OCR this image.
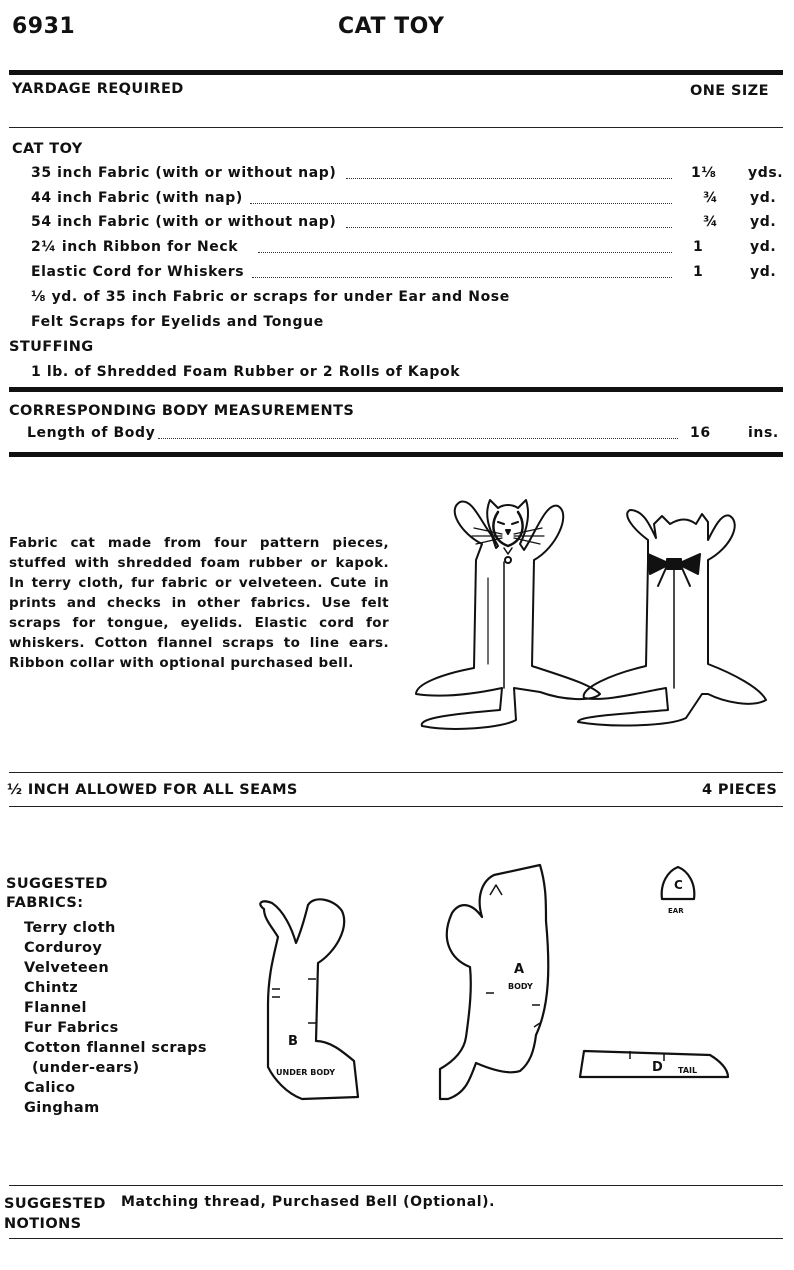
6931	CAT TOY
YARDAGE REQUIRED	ONE SIZE
CAT TOY
35 inch Fabric (with or without nap)	1⅛ yds.
44 inch Fabric (with nap)	¾ yd.
54 inch Fabric (with or without nap)	¾ yd.
2¼ inch Ribbon for Neck	1	yd.
Elastic Cord for Whiskers	1	yd.
⅛ yd. of 35 inch Fabric or scraps for under Ear and Nose
Felt Scraps for Eyelids and Tongue
STUFFING
1 lb. of Shredded Foam Rubber or 2 Rolls of Kapok
CORRESPONDING BODY MEASUREMENTS
Length of Body	16	ins.
Fabric cat made from four pattern pieces, stuffed with shredded foam rubber or kapok. In terry cloth, fur fabric or velveteen. Cute in prints and checks in other fabrics. Use felt scraps for tongue, eyelids. Elastic cord for whiskers. Cotton flannel scraps to line ears. Ribbon collar with optional purchased bell.
½ INCH ALLOWED FOR ALL SEAMS	4 PIECES
SUGGESTED
FABRICS:
Terry cloth
Corduroy
Velveteen
Chintz
Flannel
Fur Fabrics
Cotton flannel scraps
(under-ears)
Calico
Gingham
B
UNDER BODY
A
BODY
C
EAR
D TAIL
SUGGESTED
NOTIONS
Matching thread, Purchased Bell (Optional).
